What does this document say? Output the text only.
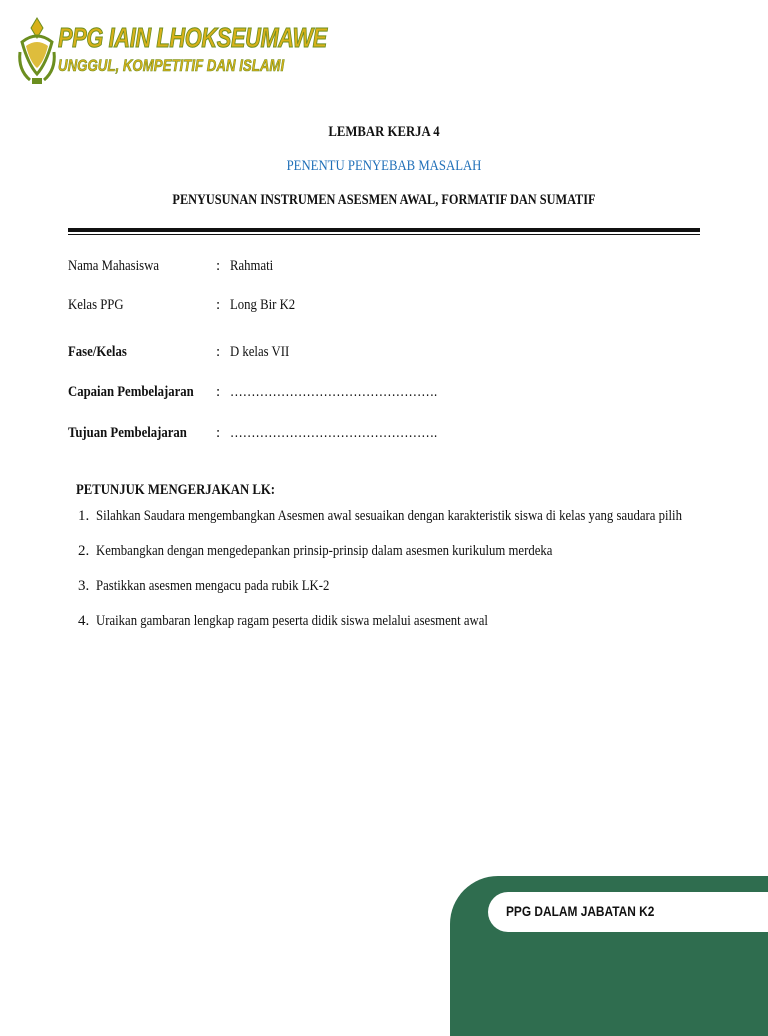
PPG IAIN LHOKSEUMAWE
UNGGUL, KOMPETITIF DAN ISLAMI
LEMBAR KERJA 4
PENENTU PENYEBAB MASALAH
PENYUSUNAN INSTRUMEN ASESMEN AWAL, FORMATIF DAN SUMATIF
Nama Mahasiswa	: Rahmati
Kelas PPG	: Long Bir K2
Fase/Kelas	: D kelas VII
Capaian Pembelajaran : ………………………………………….
Tujuan Pembelajaran : ………………………………………….
PETUNJUK MENGERJAKAN LK:
1. Silahkan Saudara mengembangkan Asesmen awal sesuaikan dengan karakteristik siswa di kelas yang saudara pilih
2. Kembangkan dengan mengedepankan prinsip-prinsip dalam asesmen kurikulum merdeka
3. Pastikkan asesmen mengacu pada rubik LK-2
4. Uraikan gambaran lengkap ragam peserta didik siswa melalui asesment awal
PPG DALAM JABATAN K2
